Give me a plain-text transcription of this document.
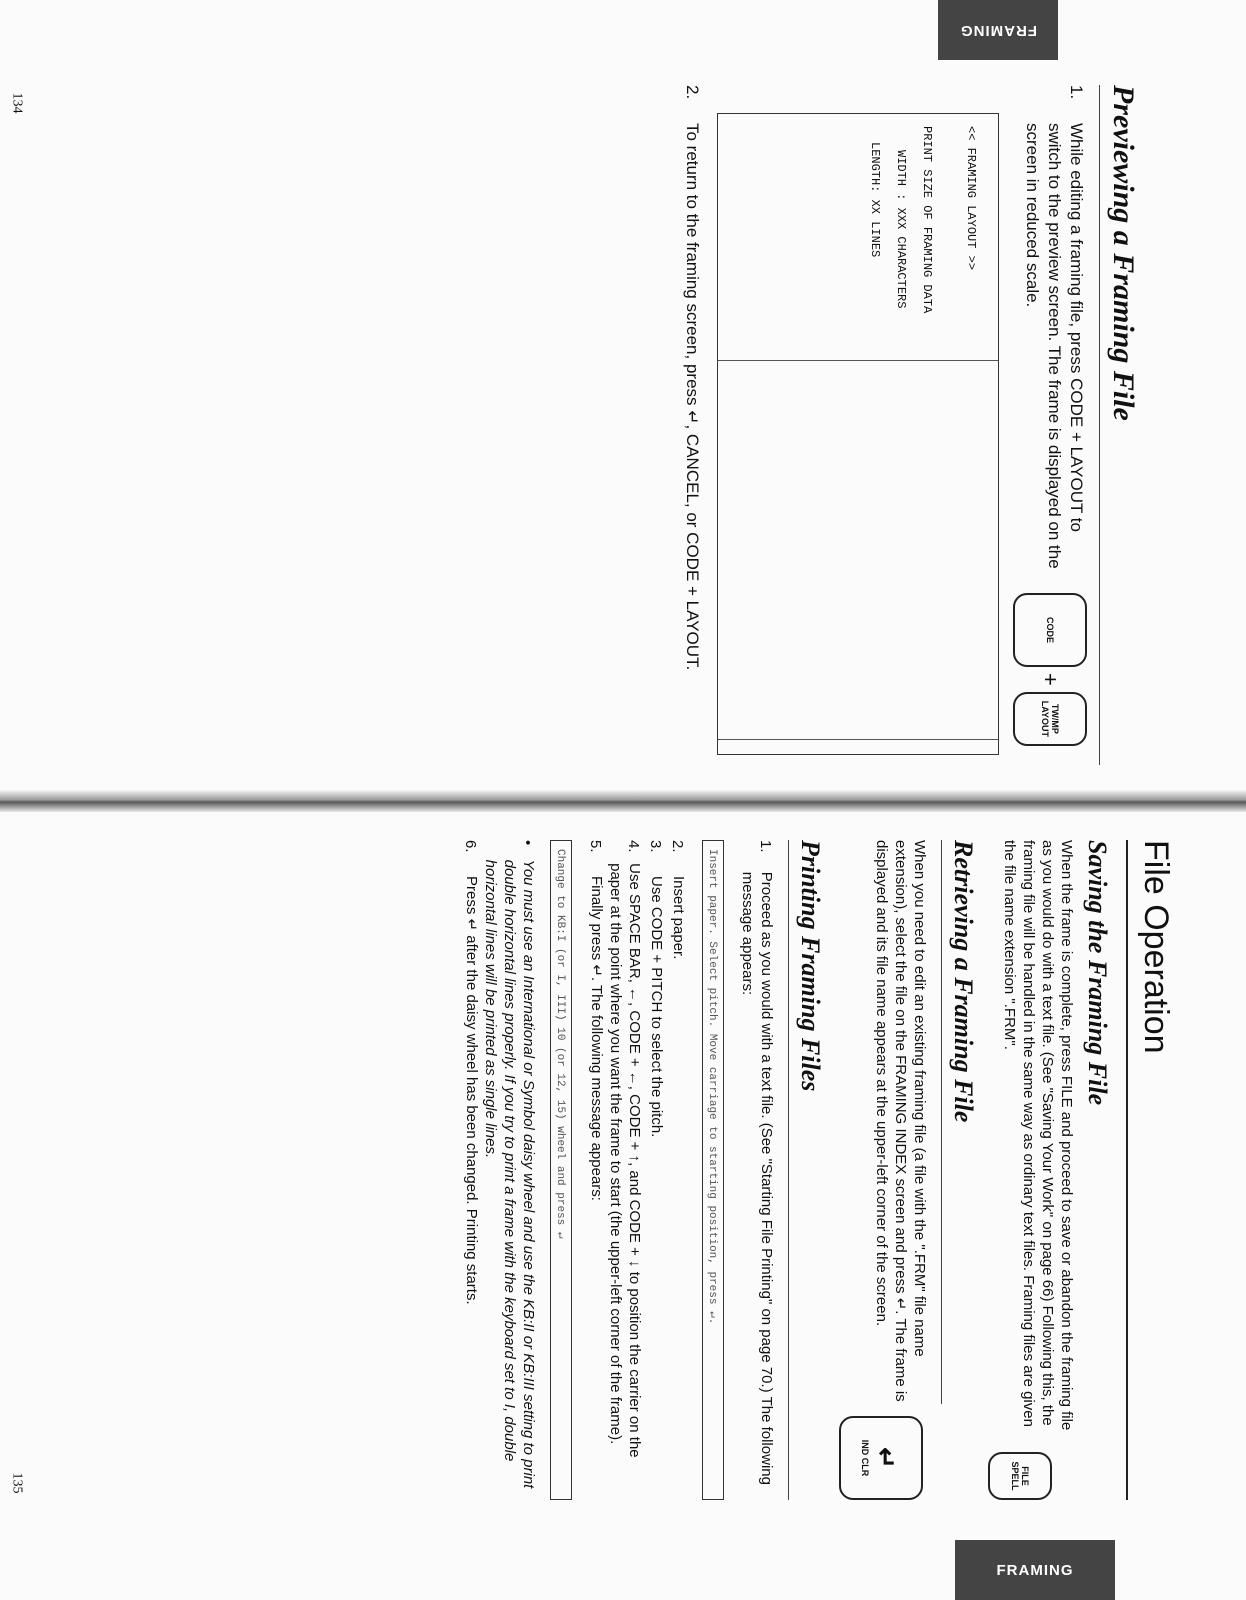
FRAMING
134	Previewing a Framing File
1.

While editing a framing file, press CODE + LAYOUT to switch to the preview screen. The frame is displayed on the screen in reduced scale.

CODE
+
TW/MP
LAYOUT
<< FRAMING LAYOUT >>
PRINT SIZE OF FRAMING DATA
WIDTH : XXX CHARACTERS
LENGTH: XX LINES
2.

To return to the framing screen, press ↵, CANCEL, or CODE + LAYOUT.

FRAMING
135
File Operation
Saving the Framing File

When the frame is complete, press FILE and proceed to save or abandon the framing file as you would do with a text file. (See "Saving Your Work" on page 66) Following this, the framing file will be handled in the same way as ordinary text files. Framing files are given the file name extension ".FRM".

FILE
SPELL
Retrieving a Framing File

When you need to edit an existing framing file (a file with the ".FRM" file name extension), select the file on the FRAMING INDEX screen and press ↵. The frame is displayed and its file name appears at the upper-left corner of the screen.

↵
IND CLR
Printing Framing Files
1.

Proceed as you would with a text file. (See "Starting File Printing" on page 70.) The following message appears:

Insert paper. Select pitch. Move carriage to starting position, press ↵.
2.

Insert paper.

3.

Use CODE + PITCH to select the pitch.

4.

Use SPACE BAR, ←, CODE + ←, CODE + ↑, and CODE + ↓ to position the carrier on the paper at the point where you want the frame to start (the upper-left corner of the frame).

5.

Finally press ↵. The following message appears:

Change to KB:I (or I, III) 10 (or 12, 15) wheel and press ↵
•

You must use an International or Symbol daisy wheel and use the KB:II or KB:III setting to print double horizontal lines properly. If you try to print a frame with the keyboard set to I, double horizontal lines will be printed as single lines.

6.

Press ↵ after the daisy wheel has been changed. Printing starts.
